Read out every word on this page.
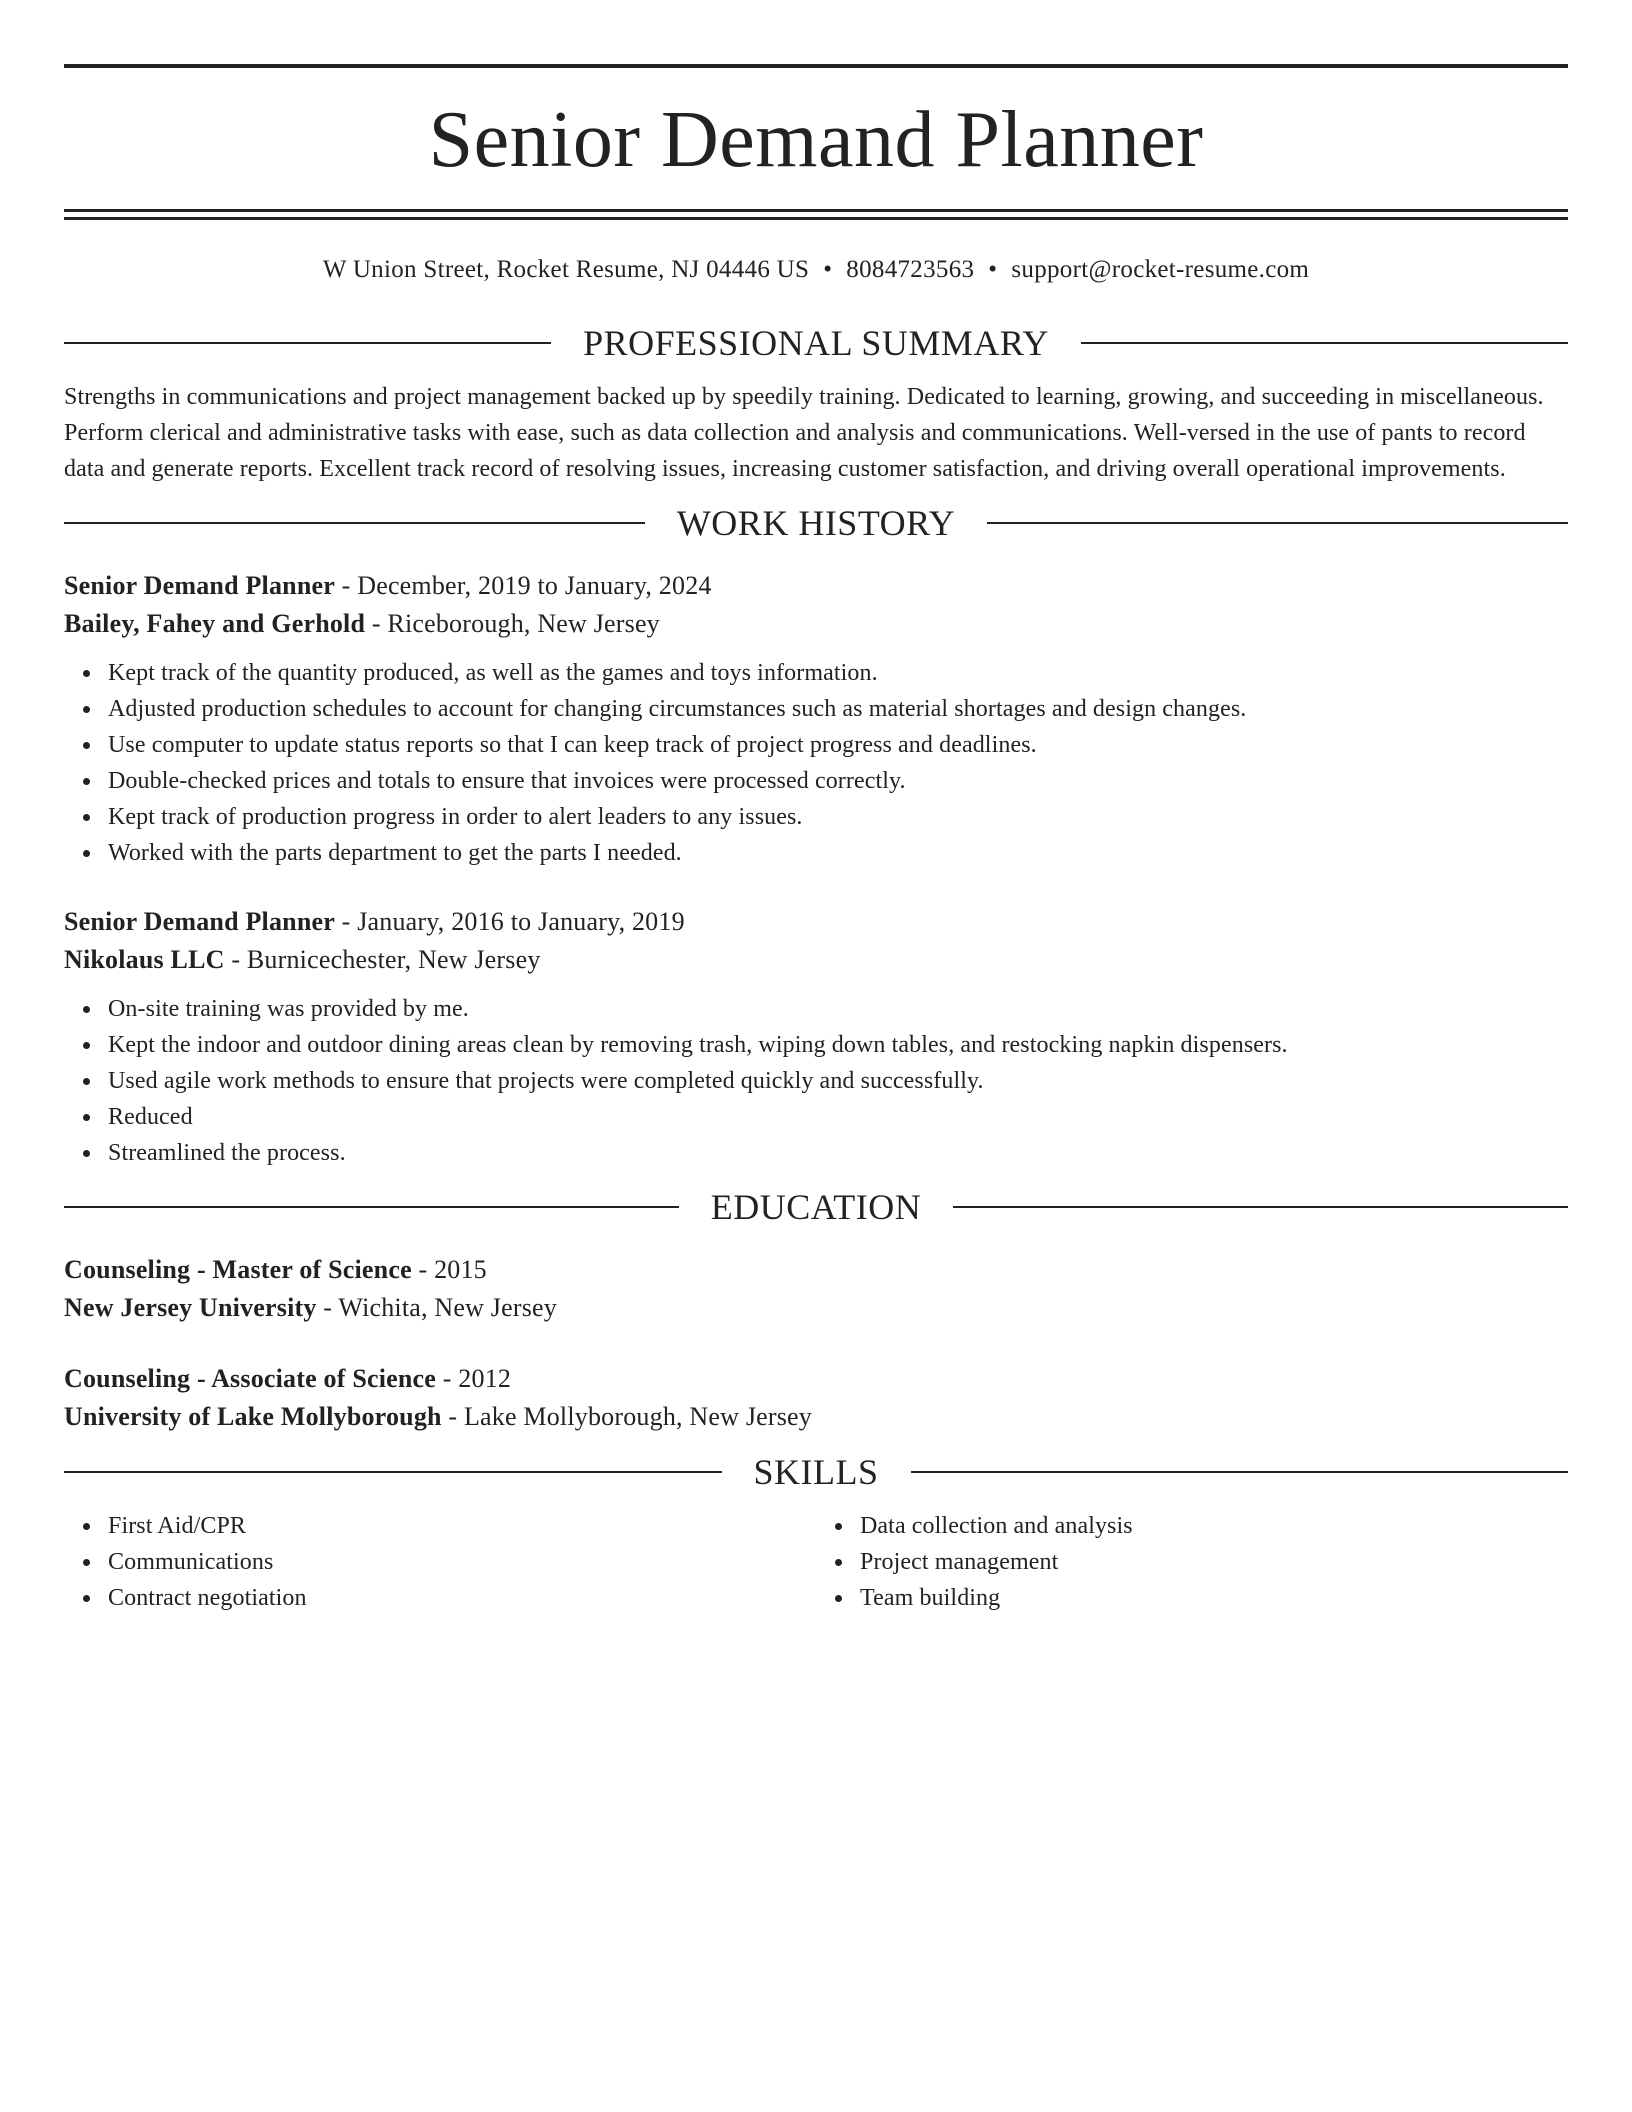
Senior Demand Planner
W Union Street, Rocket Resume, NJ 04446 US • 8084723563 • support@rocket-resume.com
PROFESSIONAL SUMMARY

Strengths in communications and project management backed up by speedily training. Dedicated to learning, growing, and succeeding in miscellaneous. Perform clerical and administrative tasks with ease, such as data collection and analysis and communications. Well-versed in the use of pants to record data and generate reports. Excellent track record of resolving issues, increasing customer satisfaction, and driving overall operational improvements.

WORK HISTORY
Senior Demand Planner - December, 2019 to January, 2024
Bailey, Fahey and Gerhold - Riceborough, New Jersey
Kept track of the quantity produced, as well as the games and toys information.
Adjusted production schedules to account for changing circumstances such as material shortages and design changes.
Use computer to update status reports so that I can keep track of project progress and deadlines.
Double-checked prices and totals to ensure that invoices were processed correctly.
Kept track of production progress in order to alert leaders to any issues.
Worked with the parts department to get the parts I needed.
Senior Demand Planner - January, 2016 to January, 2019
Nikolaus LLC - Burnicechester, New Jersey
On-site training was provided by me.
Kept the indoor and outdoor dining areas clean by removing trash, wiping down tables, and restocking napkin dispensers.
Used agile work methods to ensure that projects were completed quickly and successfully.
Reduced
Streamlined the process.
EDUCATION
Counseling - Master of Science - 2015
New Jersey University - Wichita, New Jersey
Counseling - Associate of Science - 2012
University of Lake Mollyborough - Lake Mollyborough, New Jersey
SKILLS
First Aid/CPR
Communications
Contract negotiation
Data collection and analysis
Project management
Team building
